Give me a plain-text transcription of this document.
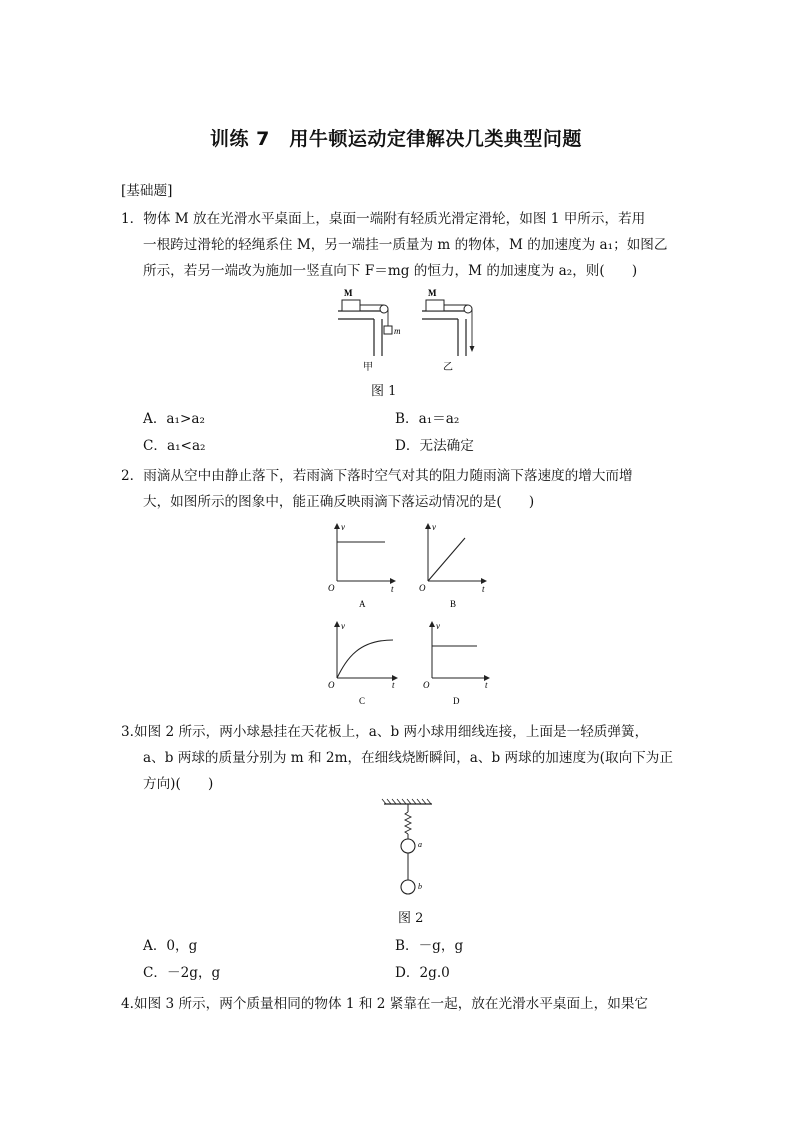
训练 7　用牛顿运动定律解决几类典型问题
[基础题]
1．物体 M 放在光滑水平桌面上，桌面一端附有轻质光滑定滑轮，如图 1 甲所示，若用
一根跨过滑轮的轻绳系住 M，另一端挂一质量为 m 的物体，M 的加速度为 a₁；如图乙
所示，若另一端改为施加一竖直向下 F＝mg 的恒力，M 的加速度为 a₂，则(　　)
M
m
甲
M
乙
图 1
A．a₁>a₂	B．a₁＝a₂
C．a₁<a₂	D．无法确定
2．雨滴从空中由静止落下，若雨滴下落时空气对其的阻力随雨滴下落速度的增大而增
大，如图所示的图象中，能正确反映雨滴下落运动情况的是(　　)
v
t
O
A
v
t
O
B
v
t
O
C
v
t
O
D
3.如图 2 所示，两小球悬挂在天花板上，a、b 两小球用细线连接，上面是一轻质弹簧，
a、b 两球的质量分别为 m 和 2m，在细线烧断瞬间，a、b 两球的加速度为(取向下为正
方向)(　　)
a
b
图 2
A．0，g	B．－g，g
C．－2g，g	D．2g.0
4.如图 3 所示，两个质量相同的物体 1 和 2 紧靠在一起，放在光滑水平桌面上，如果它
